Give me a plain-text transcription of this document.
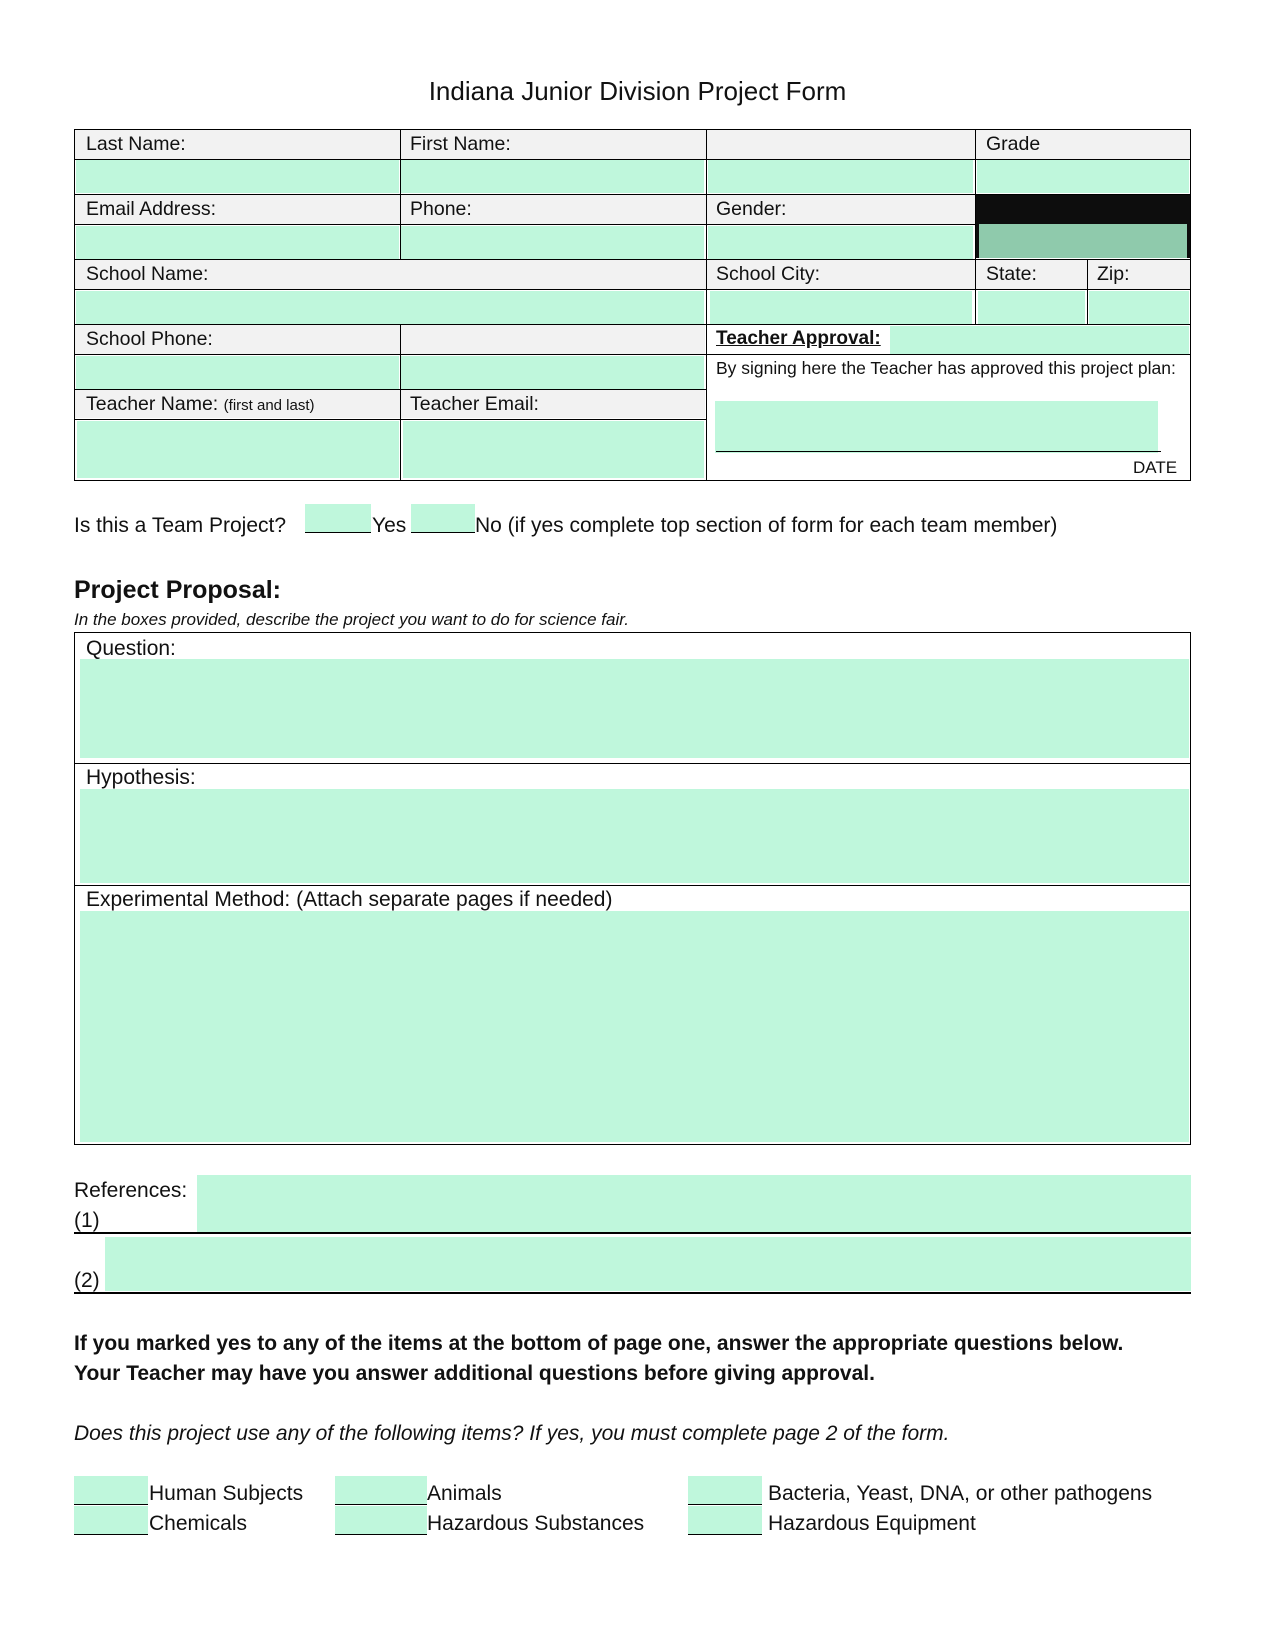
Indiana Junior Division Project Form
Last Name:	First Name:	Grade
Email Address:	Phone:	Gender:
School Name:	School City:	State:	Zip:
School Phone:
Teacher Name: (first and last)	Teacher Email:
Teacher Approval:
By signing here the Teacher has approved this project plan:
DATE
Is this a Team Project?	Yes	No (if yes complete top section of form for each team member)
Project Proposal:
In the boxes provided, describe the project you want to do for science fair.
Question:
Hypothesis:
Experimental Method: (Attach separate pages if needed)
References:
(1)
(2)
If you marked yes to any of the items at the bottom of page one, answer the appropriate questions below.
Your Teacher may have you answer additional questions before giving approval.
Does this project use any of the following items? If yes, you must complete page 2 of the form.
Human Subjects	Animals	Bacteria, Yeast, DNA, or other pathogens
Chemicals	Hazardous Substances	Hazardous Equipment
